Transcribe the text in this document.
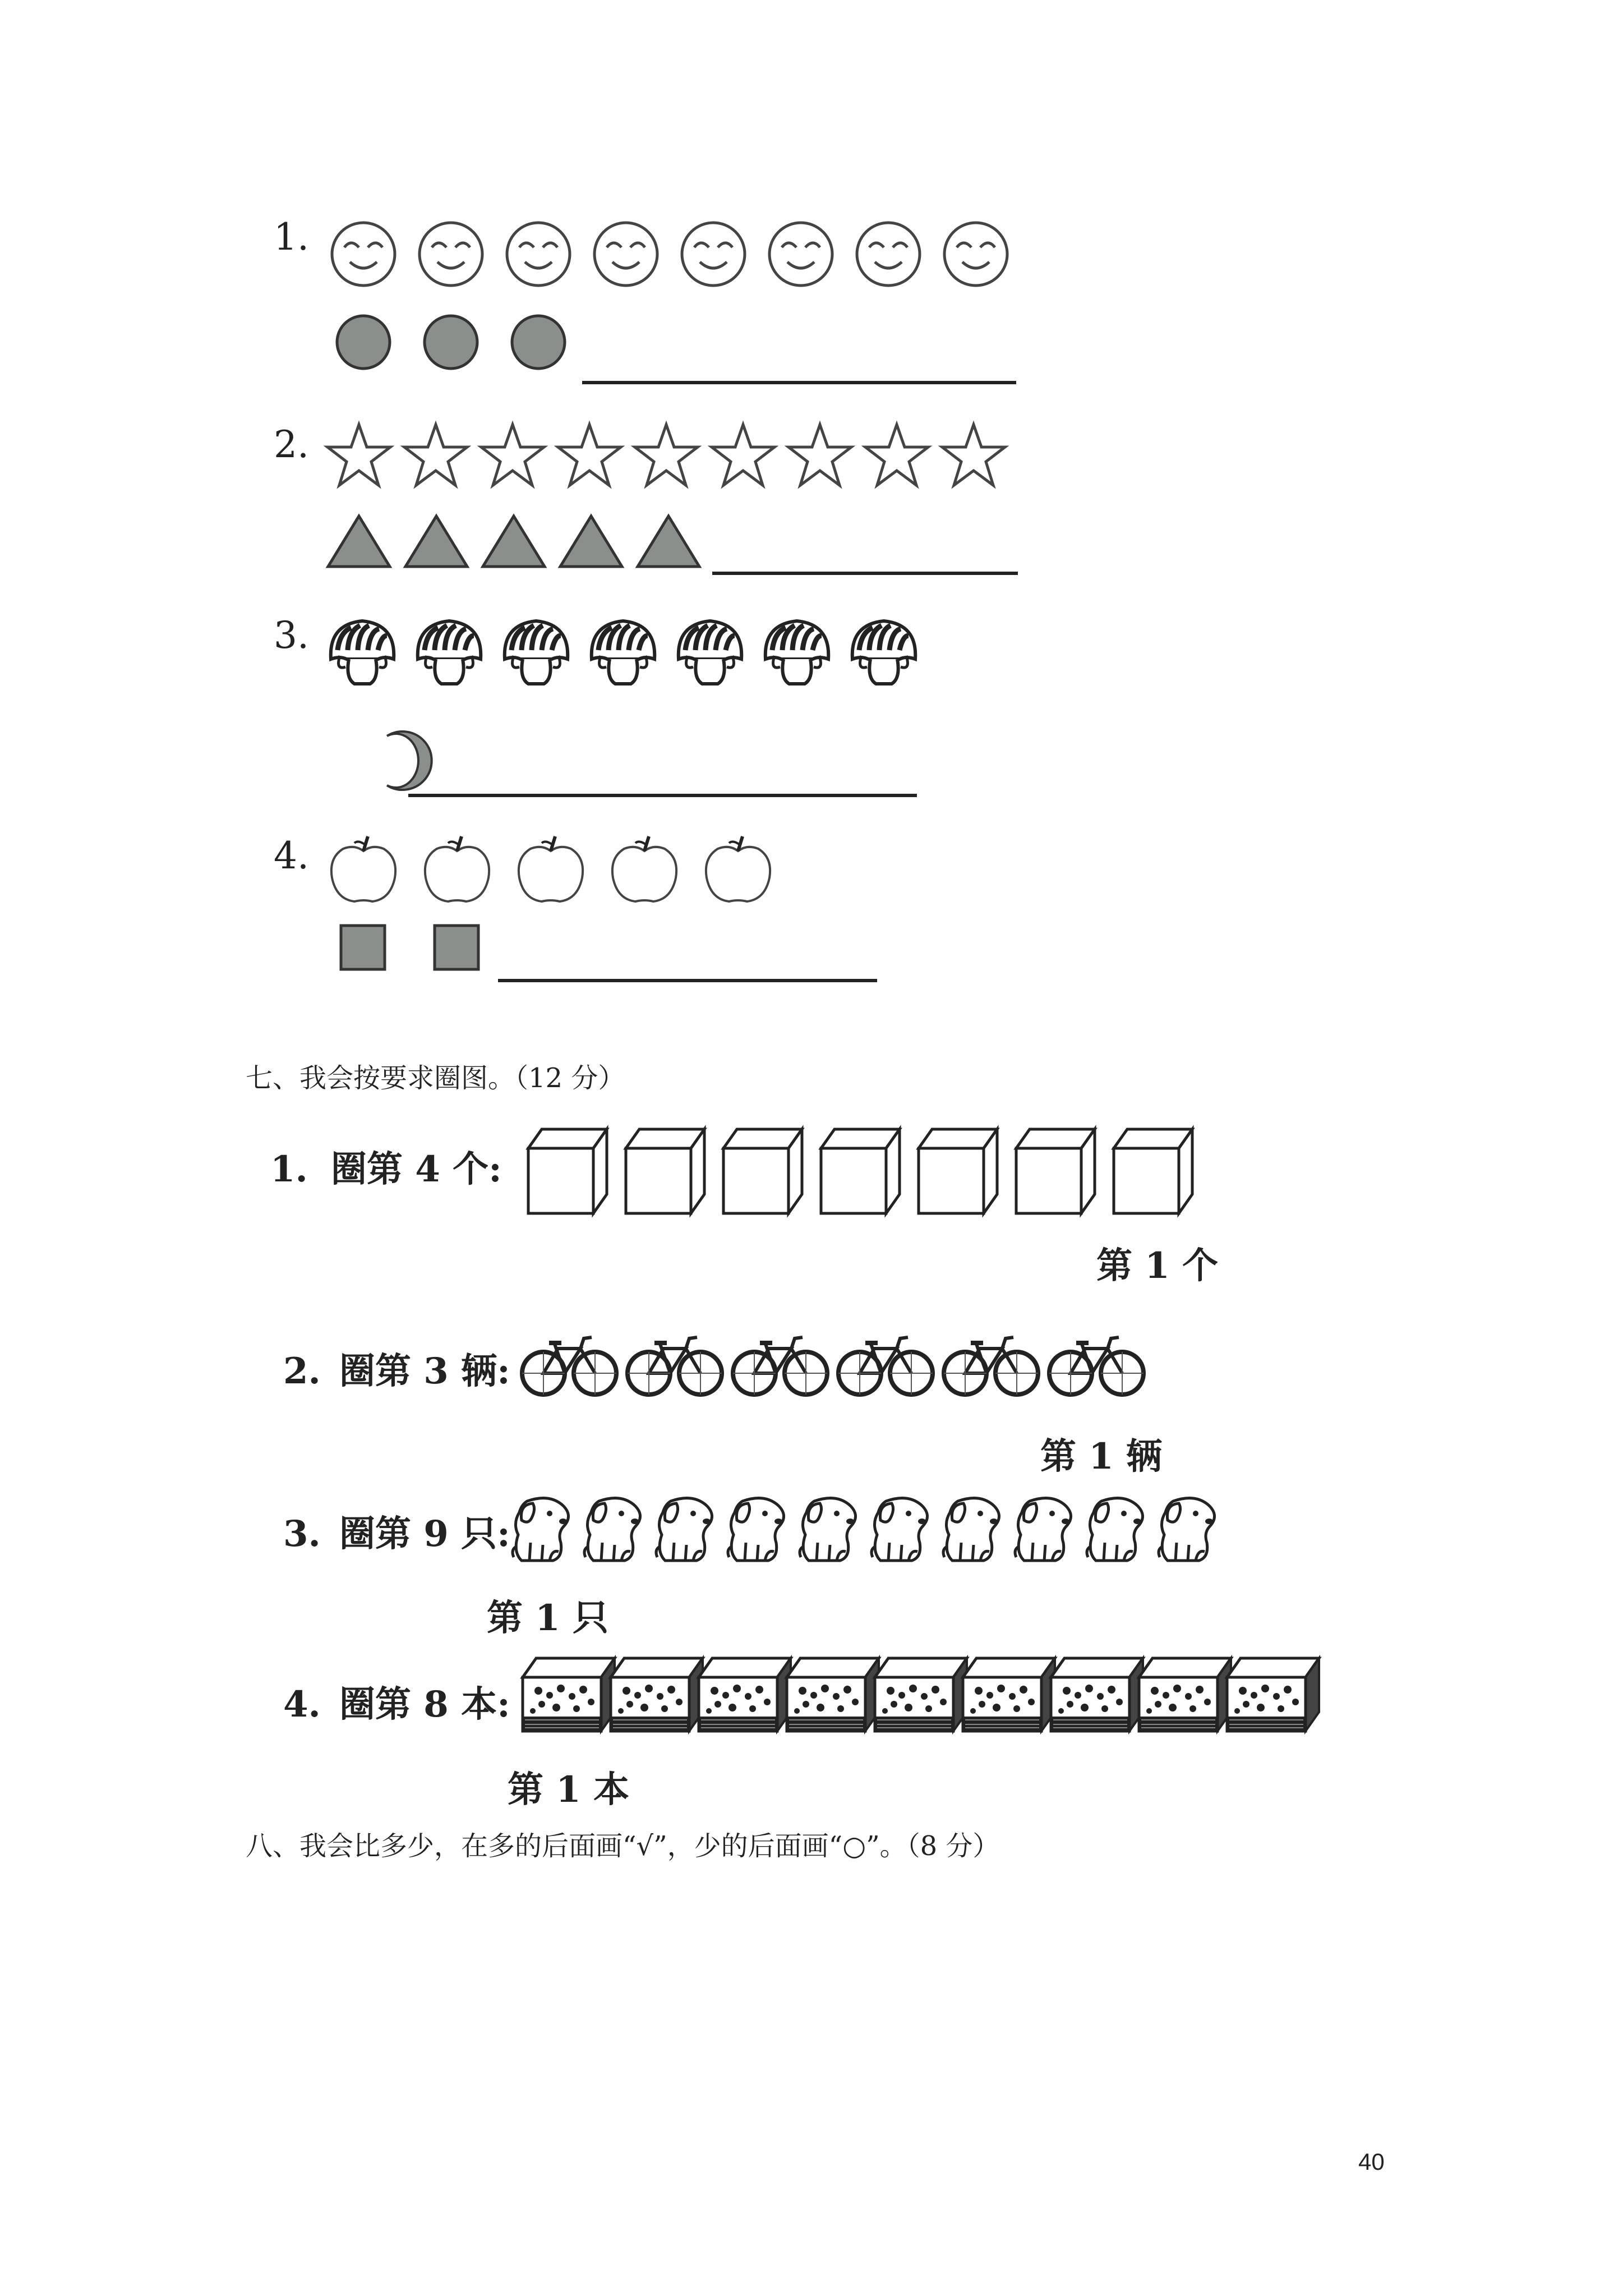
1.
2.
3.
4.
七、我会按要求圈图。（12 分）
1. 圈第 4 个:
第 1 个
2. 圈第 3 辆:
第 1 辆
3. 圈第 9 只:
第 1 只
4. 圈第 8 本:
第 1 本
八、我会比多少，在多的后面画“√”，少的后面画“○”。（8 分）
40
